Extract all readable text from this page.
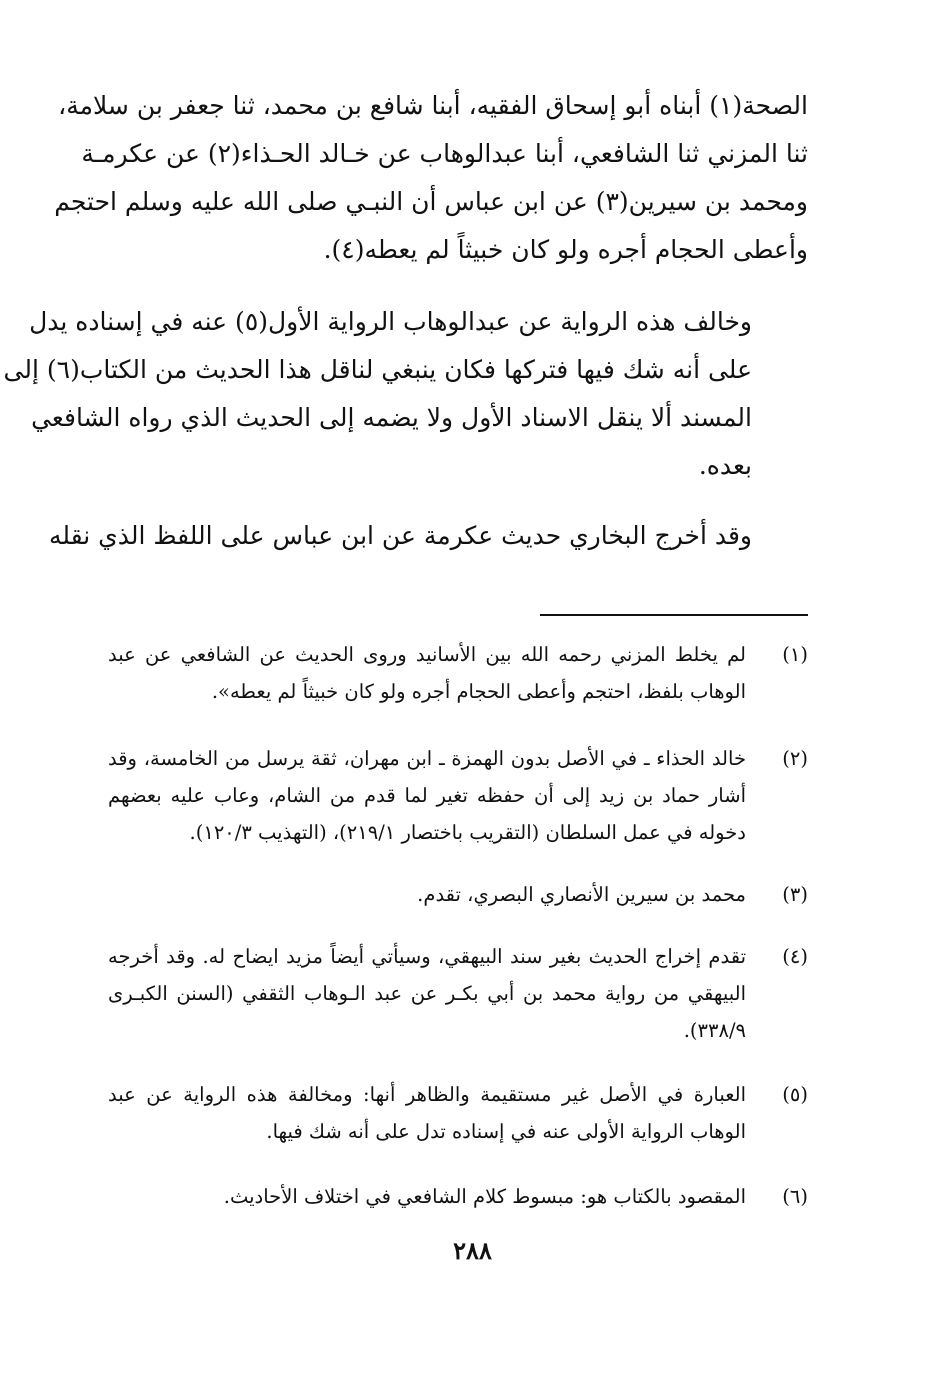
الصحة(١) أبناه أبو إسحاق الفقيه، أبنا شافع بن محمد، ثنا جعفر بن سلامة،
ثنا المزني ثنا الشافعي، أبنا عبدالوهاب عن خـالد الحـذاء(٢) عن عكرمـة
ومحمد بن سيرين(٣) عن ابن عباس أن النبـي صلى الله عليه وسلم احتجم
وأعطى الحجام أجره ولو كان خبيثاً لم يعطه(٤).
وخالف هذه الرواية عن عبدالوهاب الرواية الأول(٥) عنه في إسناده يدل
على أنه شك فيها فتركها فكان ينبغي لناقل هذا الحديث من الكتاب(٦) إلى
المسند ألا ينقل الاسناد الأول ولا يضمه إلى الحديث الذي رواه الشافعي
بعده.
وقد أخرج البخاري حديث عكرمة عن ابن عباس على اللفظ الذي نقله
(١)
لم يخلط المزني رحمه الله بين الأسانيد وروى الحديث عن الشافعي عن عبد الوهاب بلفظ، احتجم وأعطى الحجام أجره ولو كان خبيثاً لم يعطه».
(٢)
خالد الحذاء ـ في الأصل بدون الهمزة ـ ابن مهران، ثقة يرسل من الخامسة، وقد أشار حماد بن زيد إلى أن حفظه تغير لما قدم من الشام، وعاب عليه بعضهم دخوله في عمل السلطان (التقريب باختصار ٢١٩/١)، (التهذيب ١٢٠/٣).
(٣)
محمد بن سيرين الأنصاري البصري، تقدم.
(٤)
تقدم إخراج الحديث بغير سند البيهقي، وسيأتي أيضاً مزيد ايضاح له. وقد أخرجه البيهقي من رواية محمد بن أبي بكـر عن عبد الـوهاب الثقفي (السنن الكبـرى ٣٣٨/٩).
(٥)
العبارة في الأصل غير مستقيمة والظاهر أنها: ومخالفة هذه الرواية عن عبد الوهاب الرواية الأولى عنه في إسناده تدل على أنه شك فيها.
(٦)
المقصود بالكتاب هو: مبسوط كلام الشافعي في اختلاف الأحاديث.
٢٨٨
